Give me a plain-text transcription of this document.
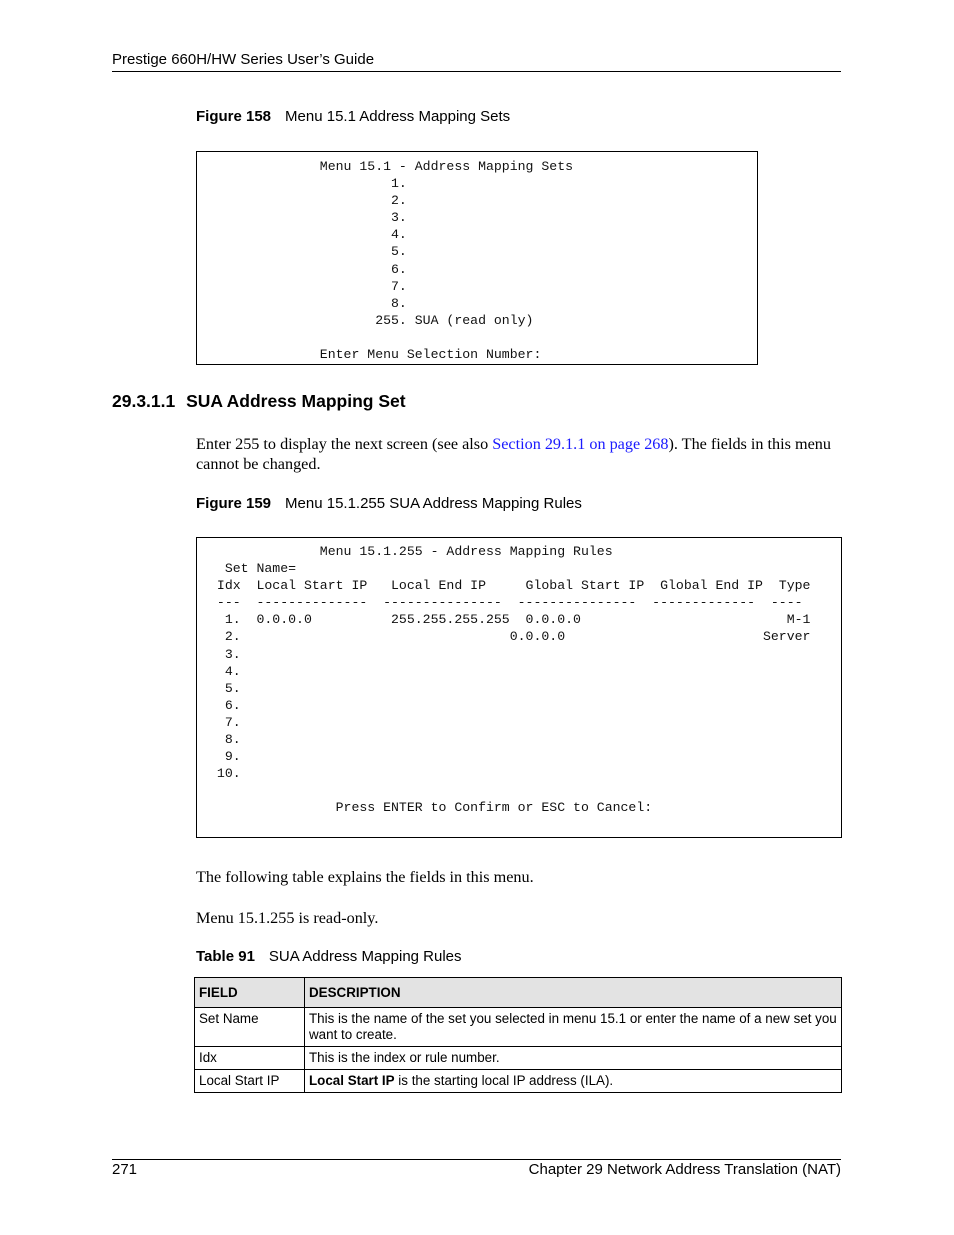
Prestige 660H/HW Series User’s Guide
Figure 158 Menu 15.1 Address Mapping Sets
Menu 15.1 - Address Mapping Sets
1.
2.
3.
4.
5.
6.
7.
8.
255. SUA (read only)

Enter Menu Selection Number:
29.3.1.1 SUA Address Mapping Set
Enter 255 to display the next screen (see also Section 29.1.1 on page 268). The fields in this menu cannot be changed.
Figure 159 Menu 15.1.255 SUA Address Mapping Rules
Menu 15.1.255 - Address Mapping Rules
Set Name=
Idx  Local Start IP   Local End IP     Global Start IP  Global End IP  Type
---  --------------  ---------------  ---------------  -------------  ----
1.  0.0.0.0          255.255.255.255  0.0.0.0                          M-1
2.                                  0.0.0.0                         Server
3.
4.
5.
6.
7.
8.
9.
10.

Press ENTER to Confirm or ESC to Cancel:
The following table explains the fields in this menu.
Menu 15.1.255 is read-only.
Table 91 SUA Address Mapping Rules
FIELD	DESCRIPTION
Set Name	This is the name of the set you selected in menu 15.1 or enter the name of a new set you want to create.
Idx	This is the index or rule number.
Local Start IP	Local Start IP is the starting local IP address (ILA).
271	Chapter 29 Network Address Translation (NAT)
